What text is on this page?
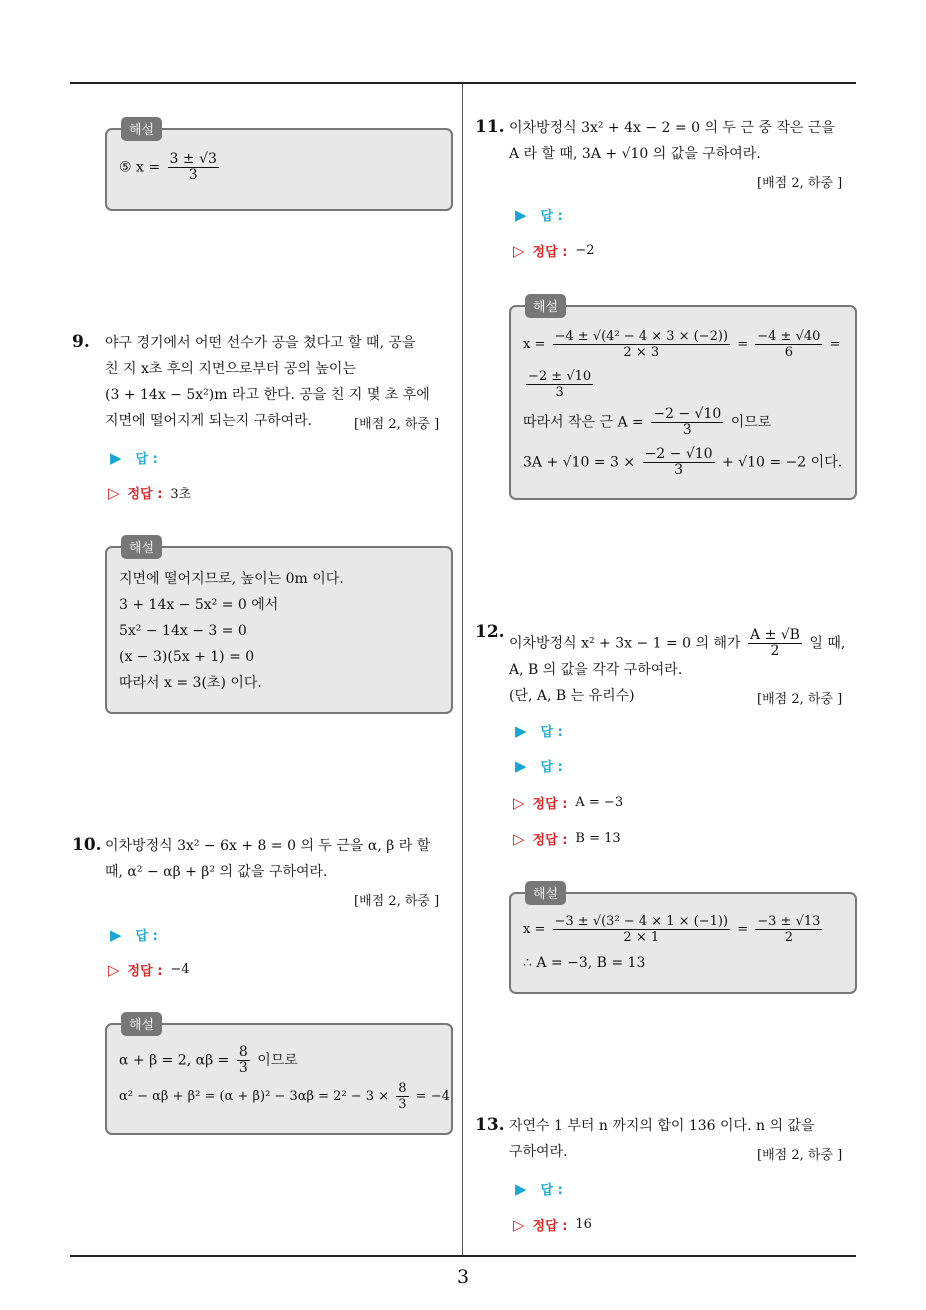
3
해설
⑤ $x = \frac{3 \pm √3}{3}$
9. 야구 경기에서 어떤 선수가 공을 쳤다고 할 때, 공을
친 지 x초 후의 지면으로부터 공의 높이는
(3 + 14x − 5x²)m 라고 한다. 공을 친 지 몇 초 후에
지면에 떨어지게 되는지 구하여라.	[배점 2, 하중 ]
▶ 답 :
▷ 정답 : 3초
해설
지면에 떨어지므로, 높이는 0m 이다.
3 + 14x − 5x² = 0 에서
5x² − 14x − 3 = 0
(x − 3)(5x + 1) = 0
따라서 x = 3(초) 이다.
10. 이차방정식 3x² − 6x + 8 = 0 의 두 근을 α, β 라 할
때, α² − αβ + β² 의 값을 구하여라.
[배점 2, 하중 ]
▶ 답 :
▷ 정답 : −4
해설
α + β = 2, $\alpha\beta = \frac{8}{3}$ 이므로
$\alpha^2 - \alpha\beta + \beta^2 = (\alpha + \beta)^2 - 3\alpha\beta = 2^2 - 3 \times \frac{8}{3} = -4$
11. 이차방정식 3x² + 4x − 2 = 0 의 두 근 중 작은 근을
A 라 할 때, 3A + √10 의 값을 구하여라.
[배점 2, 하중 ]
▶ 답 :
▷ 정답 : −2
해설
$x = \frac{\text{−4 ± √(4² − 4 × 3 × (−2))}}{2 \times 3} = \frac{-4 \pm √40}{6}$ =
$\frac{-2 \pm √10}{3}$
따라서 작은 근 $A = \frac{-2 - √10}{3}$ 이므로
$3A + √10 = 3 \times \frac{-2 - √10}{3} + √10 = -2$ 이다.
12.
이차방정식 x² + 3x − 1 = 0 의 해가 $\frac{A \pm √B}{2}$ 일 때,
A, B 의 값을 각각 구하여라.
(단, A, B 는 유리수)	[배점 2, 하중 ]
▶ 답 :
▶ 답 :
▷ 정답 : A = −3
▷ 정답 : B = 13
해설
$x = \frac{\text{−3 ± √(3² − 4 × 1 × (−1))}}{2 \times 1} = \frac{-3 \pm √13}{2}$
∴ A = −3, B = 13
13. 자연수 1 부터 n 까지의 합이 136 이다. n 의 값을
구하여라.	[배점 2, 하중 ]
▶ 답 :
▷ 정답 : 16
